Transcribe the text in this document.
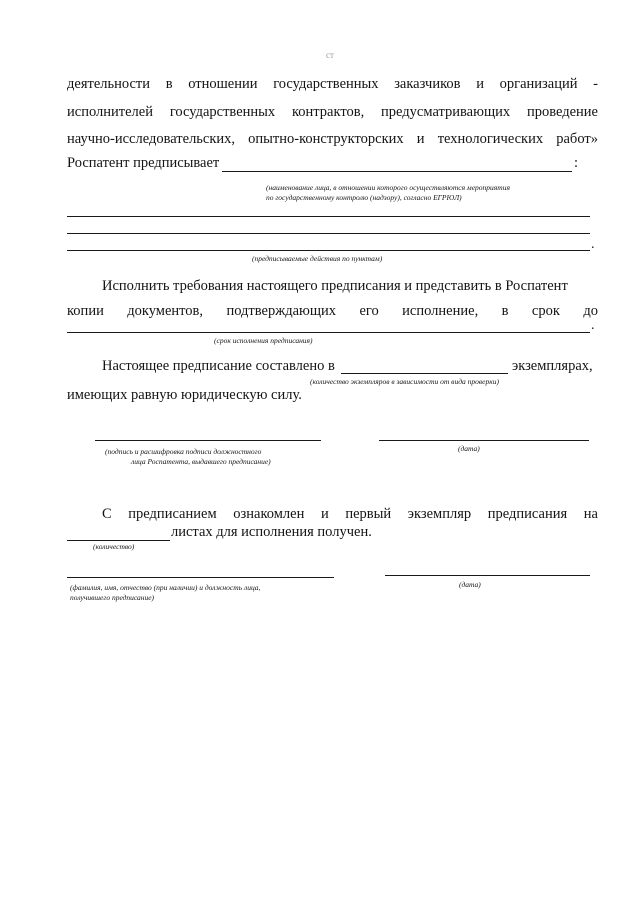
ст
деятельности в отношении государственных заказчиков и организаций -
исполнителей государственных контрактов, предусматривающих проведение
научно-исследовательских, опытно-конструкторских и технологических работ»
Роспатент предписывает	:
(наименование лица, в отношении которого осуществляются мероприятия
по государственному контролю (надзору), согласно ЕГРЮЛ)
.
(предписываемые действия по пунктам)
Исполнить требования настоящего предписания и представить в Роспатент
копии документов, подтверждающих его исполнение, в срок до
.
(срок исполнения предписания)
Настоящее предписание составлено в	экземплярах,
(количество экземпляров в зависимости от вида проверки)
имеющих равную юридическую силу.
(подпись и расшифровка подписи должностного
лица Роспатента, выдавшего предписание)
(дата)
С предписанием ознакомлен и первый экземпляр предписания на
листах для исполнения получен.
(количество)
(фамилия, имя, отчество (при наличии) и должность лица,
получившего предписание)
(дата)
